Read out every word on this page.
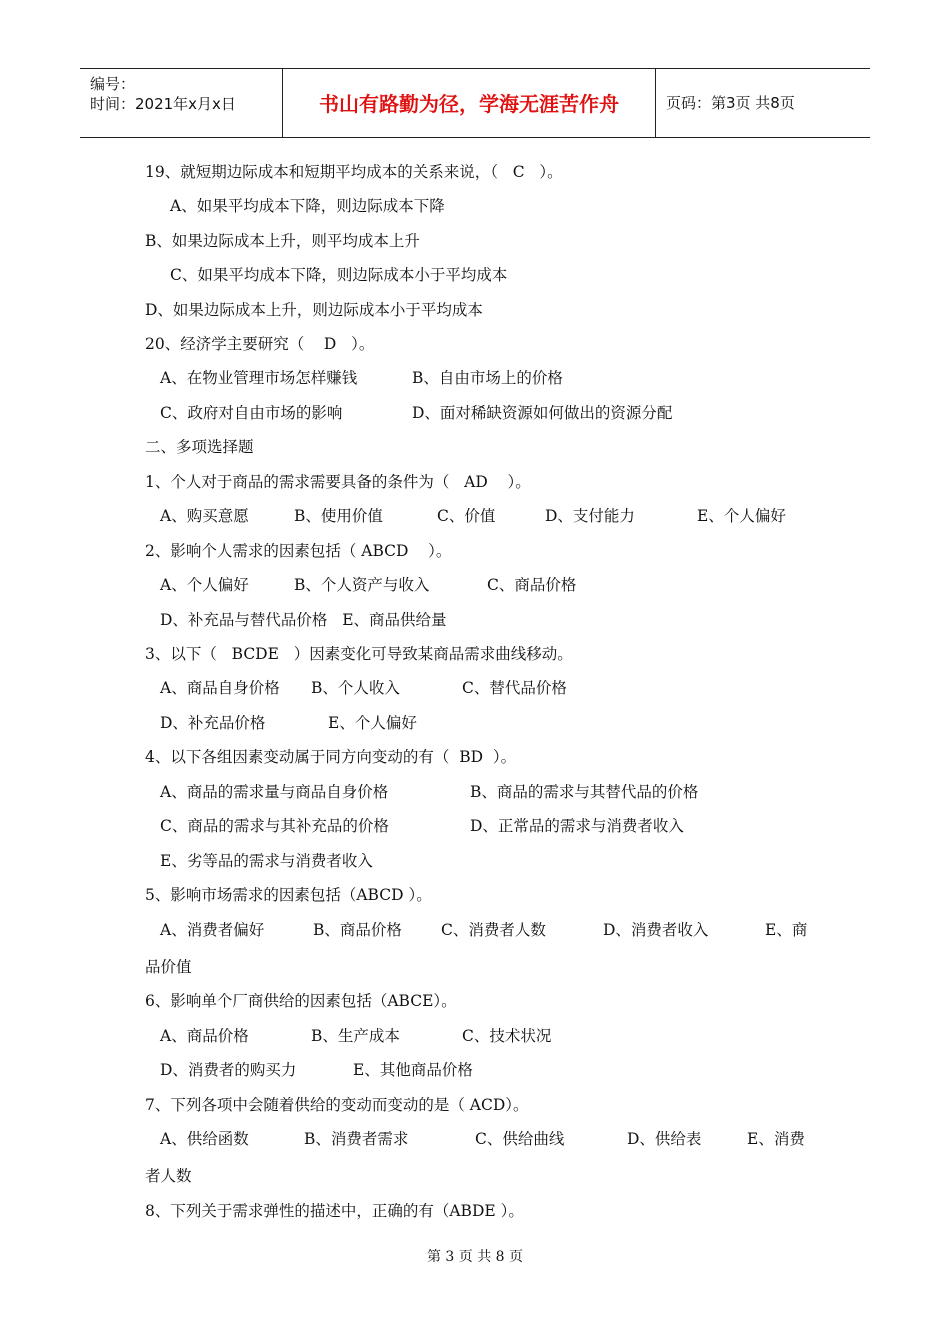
编号：
时间：2021年x月x日	书山有路勤为径，学海无涯苦作舟	页码：第3页 共8页
19、就短期边际成本和短期平均成本的关系来说，（   C   ）。
A、如果平均成本下降，则边际成本下降
B、如果边际成本上升，则平均成本上升
C、如果平均成本下降，则边际成本小于平均成本
D、如果边际成本上升，则边际成本小于平均成本
20、经济学主要研究（    D   ）。
A、在物业管理市场怎样赚钱	B、自由市场上的价格
C、政府对自由市场的影响	D、面对稀缺资源如何做出的资源分配
二、多项选择题
1、个人对于商品的需求需要具备的条件为（   AD    ）。
A、购买意愿	B、使用价值	C、价值	D、支付能力	E、个人偏好
2、影响个人需求的因素包括（ ABCD    ）。
A、个人偏好	B、个人资产与收入	C、商品价格
D、补充品与替代品价格   E、商品供给量
3、以下（   BCDE   ）因素变化可导致某商品需求曲线移动。
A、商品自身价格 B、个人收入	C、替代品价格
D、补充品价格	E、个人偏好
4、以下各组因素变动属于同方向变动的有（  BD  ）。
A、商品的需求量与商品自身价格	B、商品的需求与其替代品的价格
C、商品的需求与其补充品的价格	D、正常品的需求与消费者收入
E、劣等品的需求与消费者收入
5、影响市场需求的因素包括（ABCD ）。
A、消费者偏好	B、商品价格	C、消费者人数	D、消费者收入	E、商
品价值
6、影响单个厂商供给的因素包括（ABCE）。
A、商品价格	B、生产成本	C、技术状况
D、消费者的购买力	E、其他商品价格
7、下列各项中会随着供给的变动而变动的是（ ACD）。
A、供给函数	B、消费者需求	C、供给曲线	D、供给表	E、消费
者人数
8、下列关于需求弹性的描述中，正确的有（ABDE ）。
第 3 页 共 8 页
